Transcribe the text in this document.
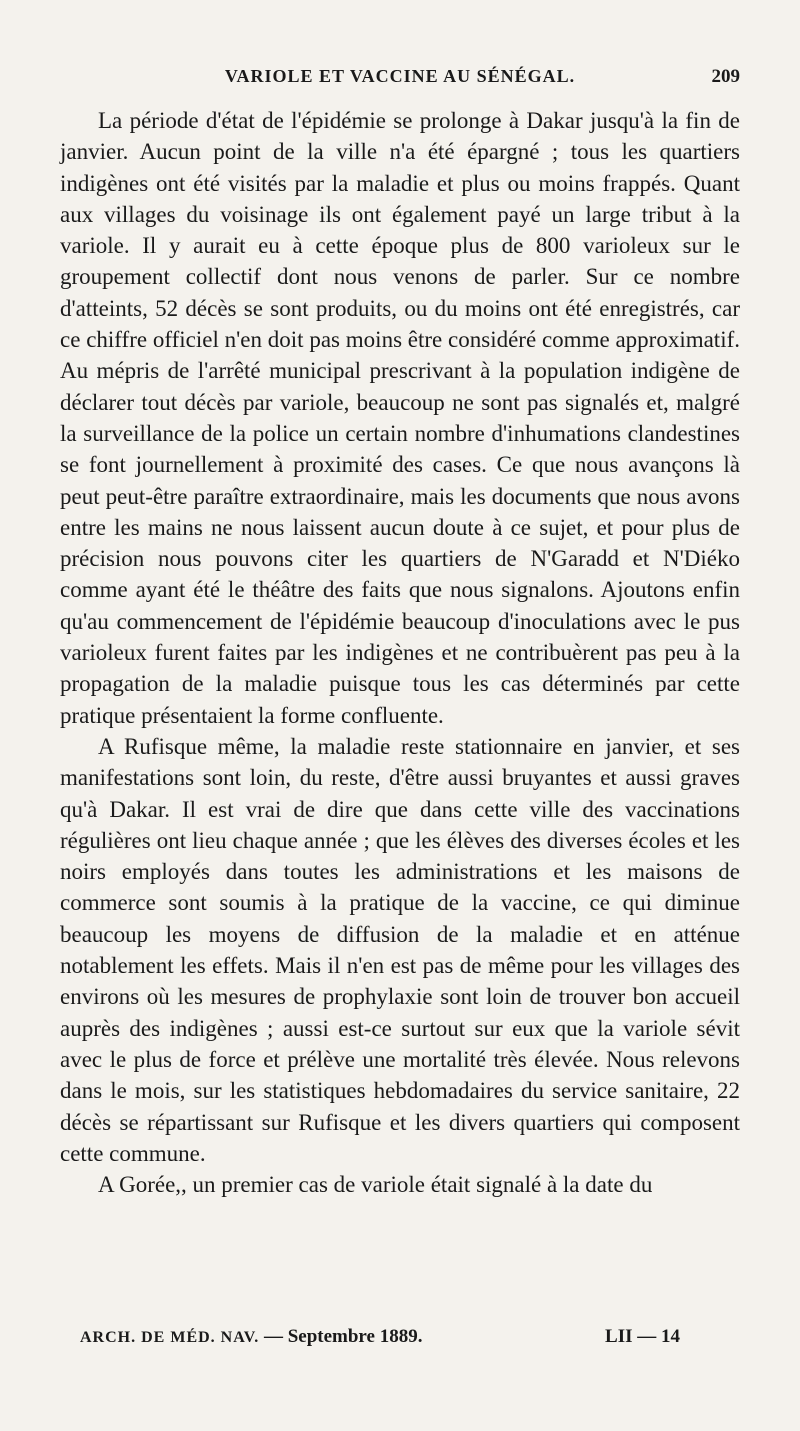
VARIOLE ET VACCINE AU SÉNÉGAL.	209

La période d'état de l'épidémie se prolonge à Dakar jusqu'à la fin de janvier. Aucun point de la ville n'a été épargné ; tous les quartiers indigènes ont été visités par la maladie et plus ou moins frappés. Quant aux villages du voisinage ils ont également payé un large tribut à la variole. Il y aurait eu à cette époque plus de 800 varioleux sur le groupement collectif dont nous venons de parler. Sur ce nombre d'atteints, 52 décès se sont produits, ou du moins ont été enregistrés, car ce chiffre officiel n'en doit pas moins être considéré comme approximatif. Au mépris de l'arrêté municipal prescrivant à la population indigène de déclarer tout décès par variole, beaucoup ne sont pas signalés et, malgré la surveillance de la police un certain nombre d'inhumations clandestines se font journellement à proximité des cases. Ce que nous avançons là peut peut-être paraître extraordinaire, mais les documents que nous avons entre les mains ne nous laissent aucun doute à ce sujet, et pour plus de précision nous pouvons citer les quartiers de N'Garadd et N'Diéko comme ayant été le théâtre des faits que nous signalons. Ajoutons enfin qu'au commencement de l'épidémie beaucoup d'inoculations avec le pus varioleux furent faites par les indigènes et ne contribuèrent pas peu à la propagation de la maladie puisque tous les cas déterminés par cette pratique présentaient la forme confluente.

A Rufisque même, la maladie reste stationnaire en janvier, et ses manifestations sont loin, du reste, d'être aussi bruyantes et aussi graves qu'à Dakar. Il est vrai de dire que dans cette ville des vaccinations régulières ont lieu chaque année ; que les élèves des diverses écoles et les noirs employés dans toutes les administrations et les maisons de commerce sont soumis à la pratique de la vaccine, ce qui diminue beaucoup les moyens de diffusion de la maladie et en atténue notablement les effets. Mais il n'en est pas de même pour les villages des environs où les mesures de prophylaxie sont loin de trouver bon accueil auprès des indigènes ; aussi est-ce surtout sur eux que la variole sévit avec le plus de force et prélève une mortalité très élevée. Nous relevons dans le mois, sur les statistiques hebdomadaires du service sanitaire, 22 décès se répartissant sur Rufisque et les divers quartiers qui composent cette commune.

A Gorée,, un premier cas de variole était signalé à la date du

ARCH. DE MÉD. NAV. — Septembre 1889.	LII — 14
